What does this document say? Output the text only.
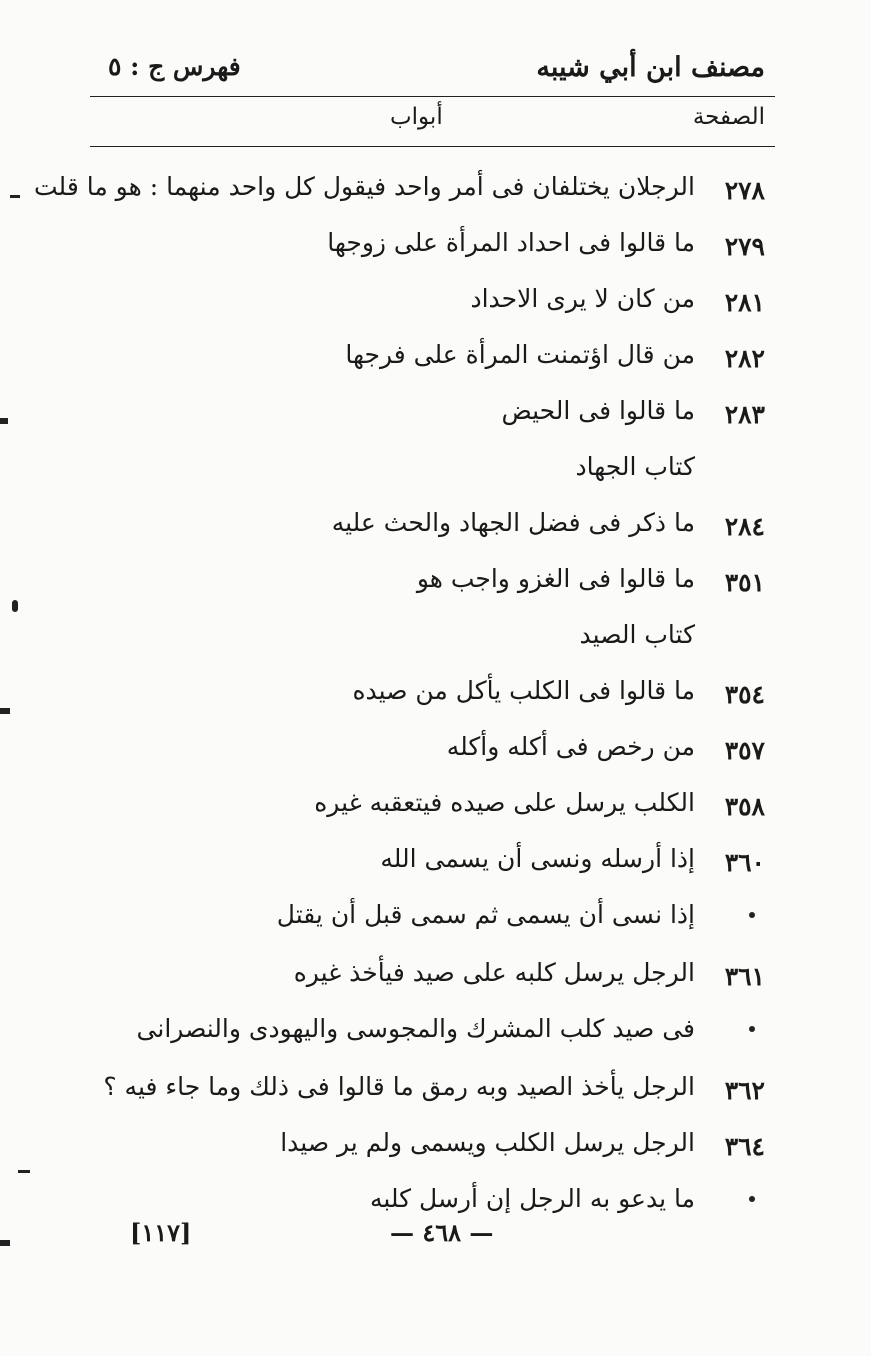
مصنف ابن أبي شيبه
فهرس ج : ٥
الصفحة
أبواب
٢٧٨
الرجلان يختلفان فى أمر واحد فيقول كل واحد منهما : هو ما قلت
٢٧٩
ما قالوا فى احداد المرأة على زوجها
٢٨١
من كان لا يرى الاحداد
٢٨٢
من قال اؤتمنت المرأة على فرجها
٢٨٣
ما قالوا فى الحيض
كتاب الجهاد
٢٨٤
ما ذكر فى فضل الجهاد والحث عليه
٣٥١
ما قالوا فى الغزو واجب هو
كتاب الصيد
٣٥٤
ما قالوا فى الكلب يأكل من صيده
٣٥٧
من رخص فى أكله وأكله
٣٥٨
الكلب يرسل على صيده فيتعقبه غيره
٣٦٠
إذا أرسله ونسى أن يسمى الله
إذا نسى أن يسمى ثم سمى قبل أن يقتل
٣٦١
الرجل يرسل كلبه على صيد فيأخذ غيره
فى صيد كلب المشرك والمجوسى واليهودى والنصرانى
٣٦٢
الرجل يأخذ الصيد وبه رمق ما قالوا فى ذلك وما جاء فيه ؟
٣٦٤
الرجل يرسل الكلب ويسمى ولم ير صيدا
ما يدعو به الرجل إن أرسل كلبه
[١١٧]	— ٤٦٨ —
